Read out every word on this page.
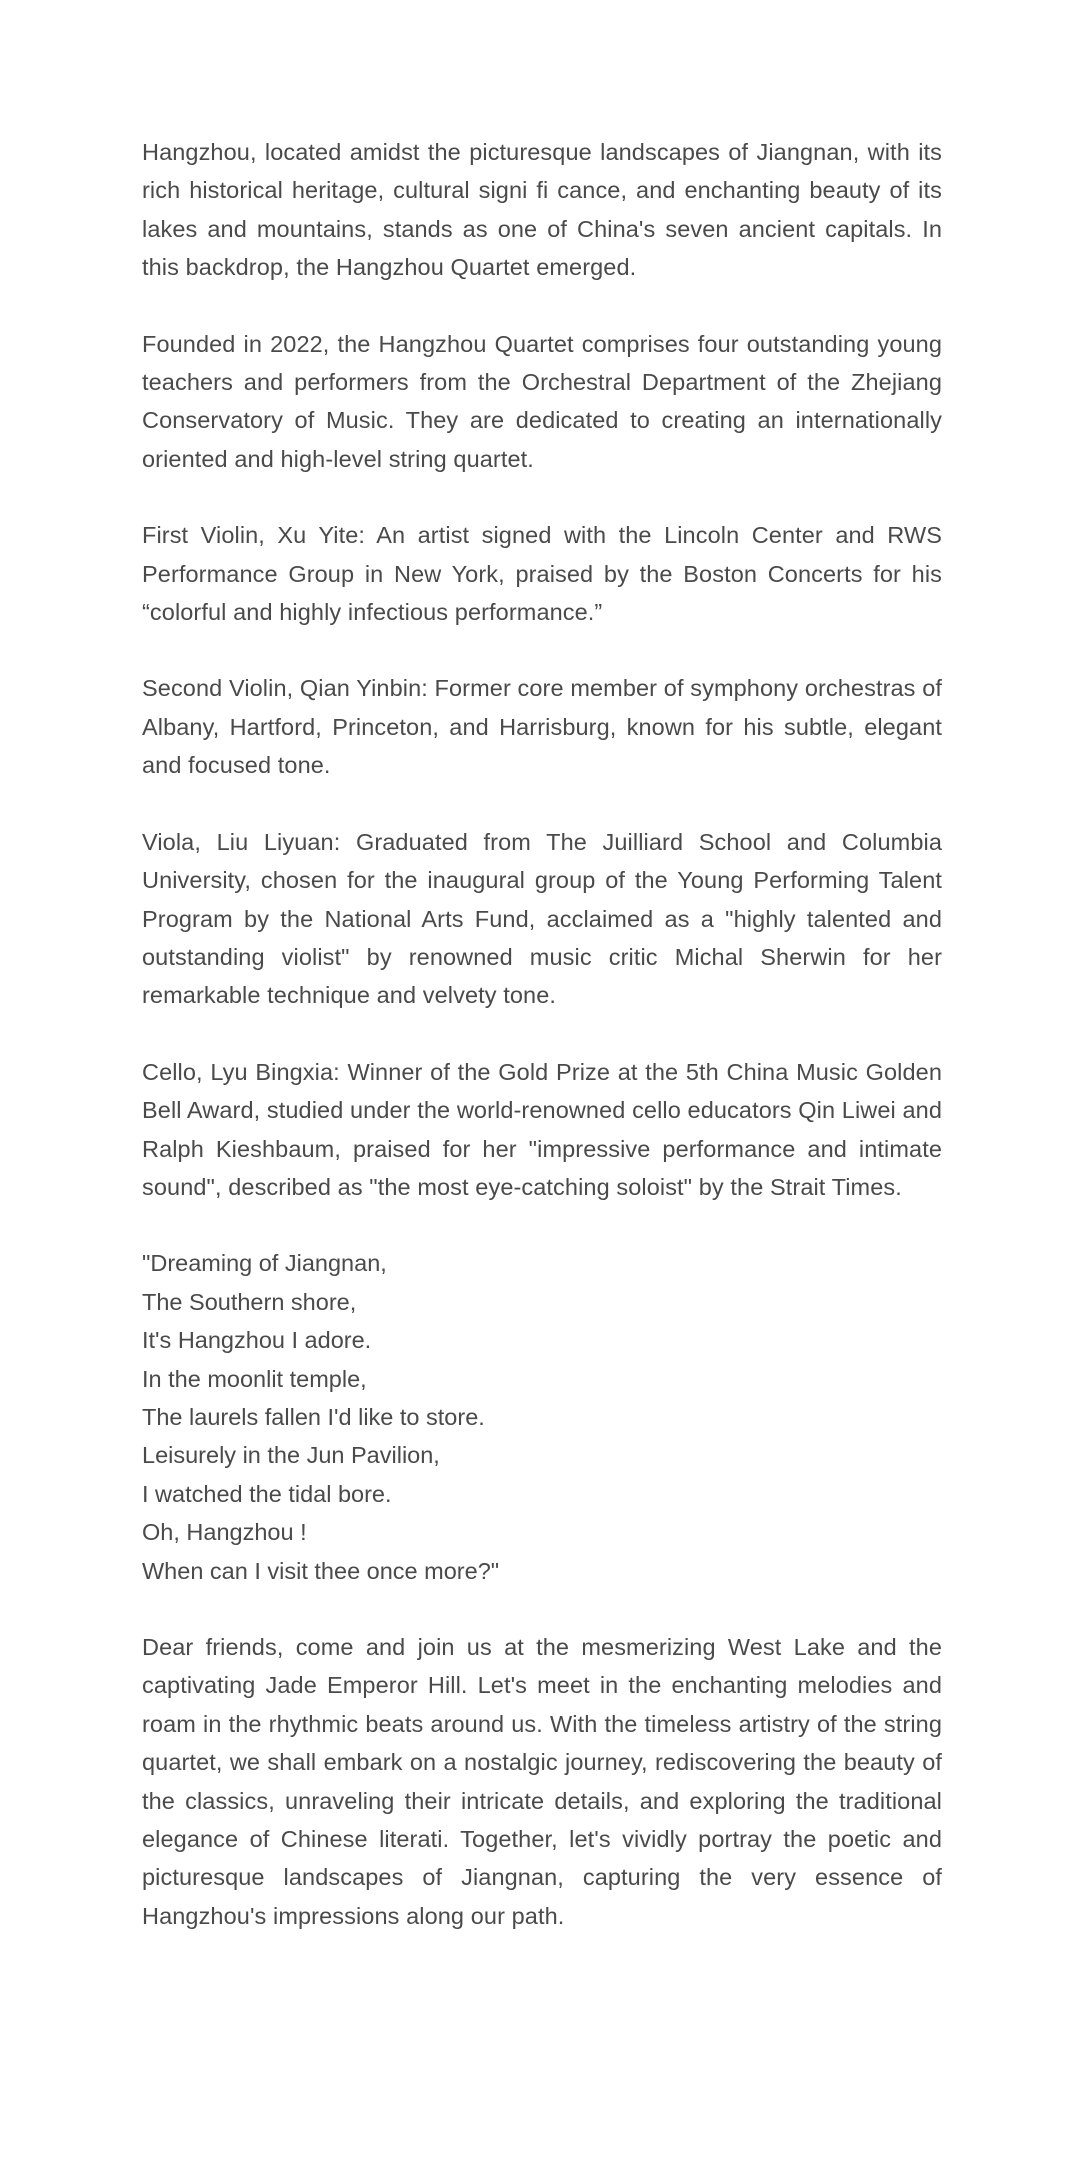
Hangzhou, located amidst the picturesque landscapes of Jiangnan, with its rich historical heritage, cultural signi fi cance, and enchanting beauty of its lakes and mountains, stands as one of China's seven ancient capitals. In this backdrop, the Hangzhou Quartet emerged.

Founded in 2022, the Hangzhou Quartet comprises four outstanding young teachers and performers from the Orchestral Department of the Zhejiang Conservatory of Music. They are dedicated to creating an internationally oriented and high-level string quartet.

First Violin, Xu Yite: An artist signed with the Lincoln Center and RWS Performance Group in New York, praised by the Boston Concerts for his “colorful and highly infectious performance.”

Second Violin, Qian Yinbin: Former core member of symphony orchestras of Albany, Hartford, Princeton, and Harrisburg, known for his subtle, elegant and focused tone.

Viola, Liu Liyuan: Graduated from The Juilliard School and Columbia University, chosen for the inaugural group of the Young Performing Talent Program by the National Arts Fund, acclaimed as a "highly talented and outstanding violist" by renowned music critic Michal Sherwin for her remarkable technique and velvety tone.

Cello, Lyu Bingxia: Winner of the Gold Prize at the 5th China Music Golden Bell Award, studied under the world-renowned cello educators Qin Liwei and Ralph Kieshbaum, praised for her "impressive performance and intimate sound", described as "the most eye-catching soloist" by the Strait Times.

"Dreaming of Jiangnan,
The Southern shore,
It's Hangzhou I adore.
In the moonlit temple,
The laurels fallen I'd like to store.
Leisurely in the Jun Pavilion,
I watched the tidal bore.
Oh, Hangzhou !
When can I visit thee once more?"

Dear friends, come and join us at the mesmerizing West Lake and the captivating Jade Emperor Hill. Let's meet in the enchanting melodies and roam in the rhythmic beats around us. With the timeless artistry of the string quartet, we shall embark on a nostalgic journey, rediscovering the beauty of the classics, unraveling their intricate details, and exploring the traditional elegance of Chinese literati. Together, let's vividly portray the poetic and picturesque landscapes of Jiangnan, capturing the very essence of Hangzhou's impressions along our path.
